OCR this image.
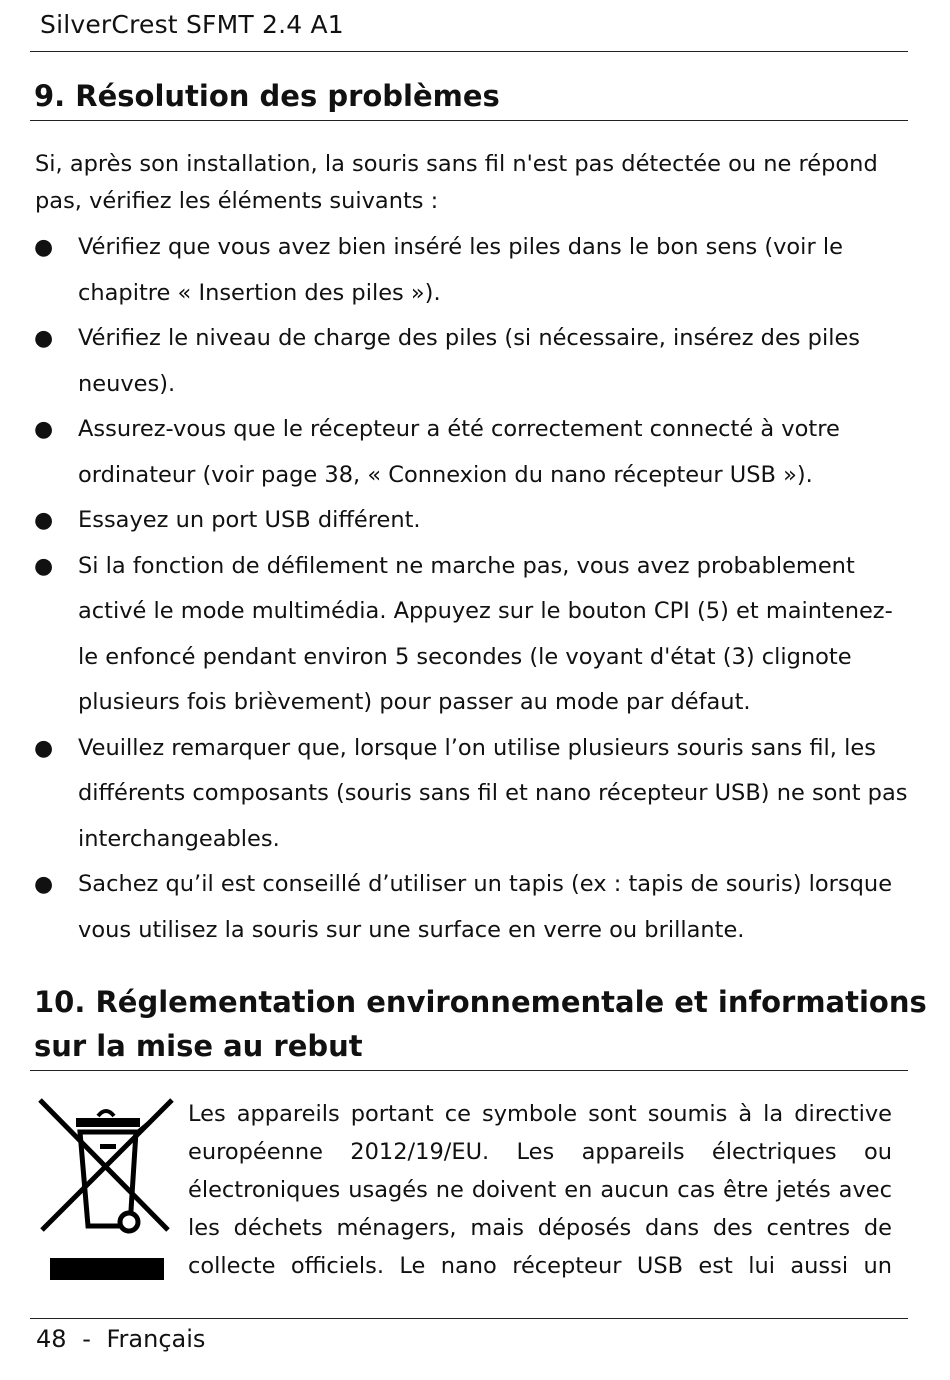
SilverCrest SFMT 2.4 A1
9. Résolution des problèmes
Si, après son installation, la souris sans fil n'est pas détectée ou ne répond pas, vérifiez les éléments suivants :
● Vérifiez que vous avez bien inséré les piles dans le bon sens (voir le chapitre « Insertion des piles »).
● Vérifiez le niveau de charge des piles (si nécessaire, insérez des piles neuves).
● Assurez-vous que le récepteur a été correctement connecté à votre ordinateur (voir page 38, « Connexion du nano récepteur USB »).
● Essayez un port USB différent.
● Si la fonction de défilement ne marche pas, vous avez probablement activé le mode multimédia. Appuyez sur le bouton CPI (5) et maintenez-le enfoncé pendant environ 5 secondes (le voyant d'état (3) clignote plusieurs fois brièvement) pour passer au mode par défaut.
● Veuillez remarquer que, lorsque l’on utilise plusieurs souris sans fil, les différents composants (souris sans fil et nano récepteur USB) ne sont pas interchangeables.
● Sachez qu’il est conseillé d’utiliser un tapis (ex : tapis de souris) lorsque vous utilisez la souris sur une surface en verre ou brillante.
10. Réglementation environnementale et informations
sur la mise au rebut
Les appareils portant ce symbole sont soumis à la directive européenne 2012/19/EU. Les appareils électriques ou électroniques usagés ne doivent en aucun cas être jetés avec les déchets ménagers, mais déposés dans des centres de collecte officiels. Le nano récepteur USB est lui aussi un
48 - Français
